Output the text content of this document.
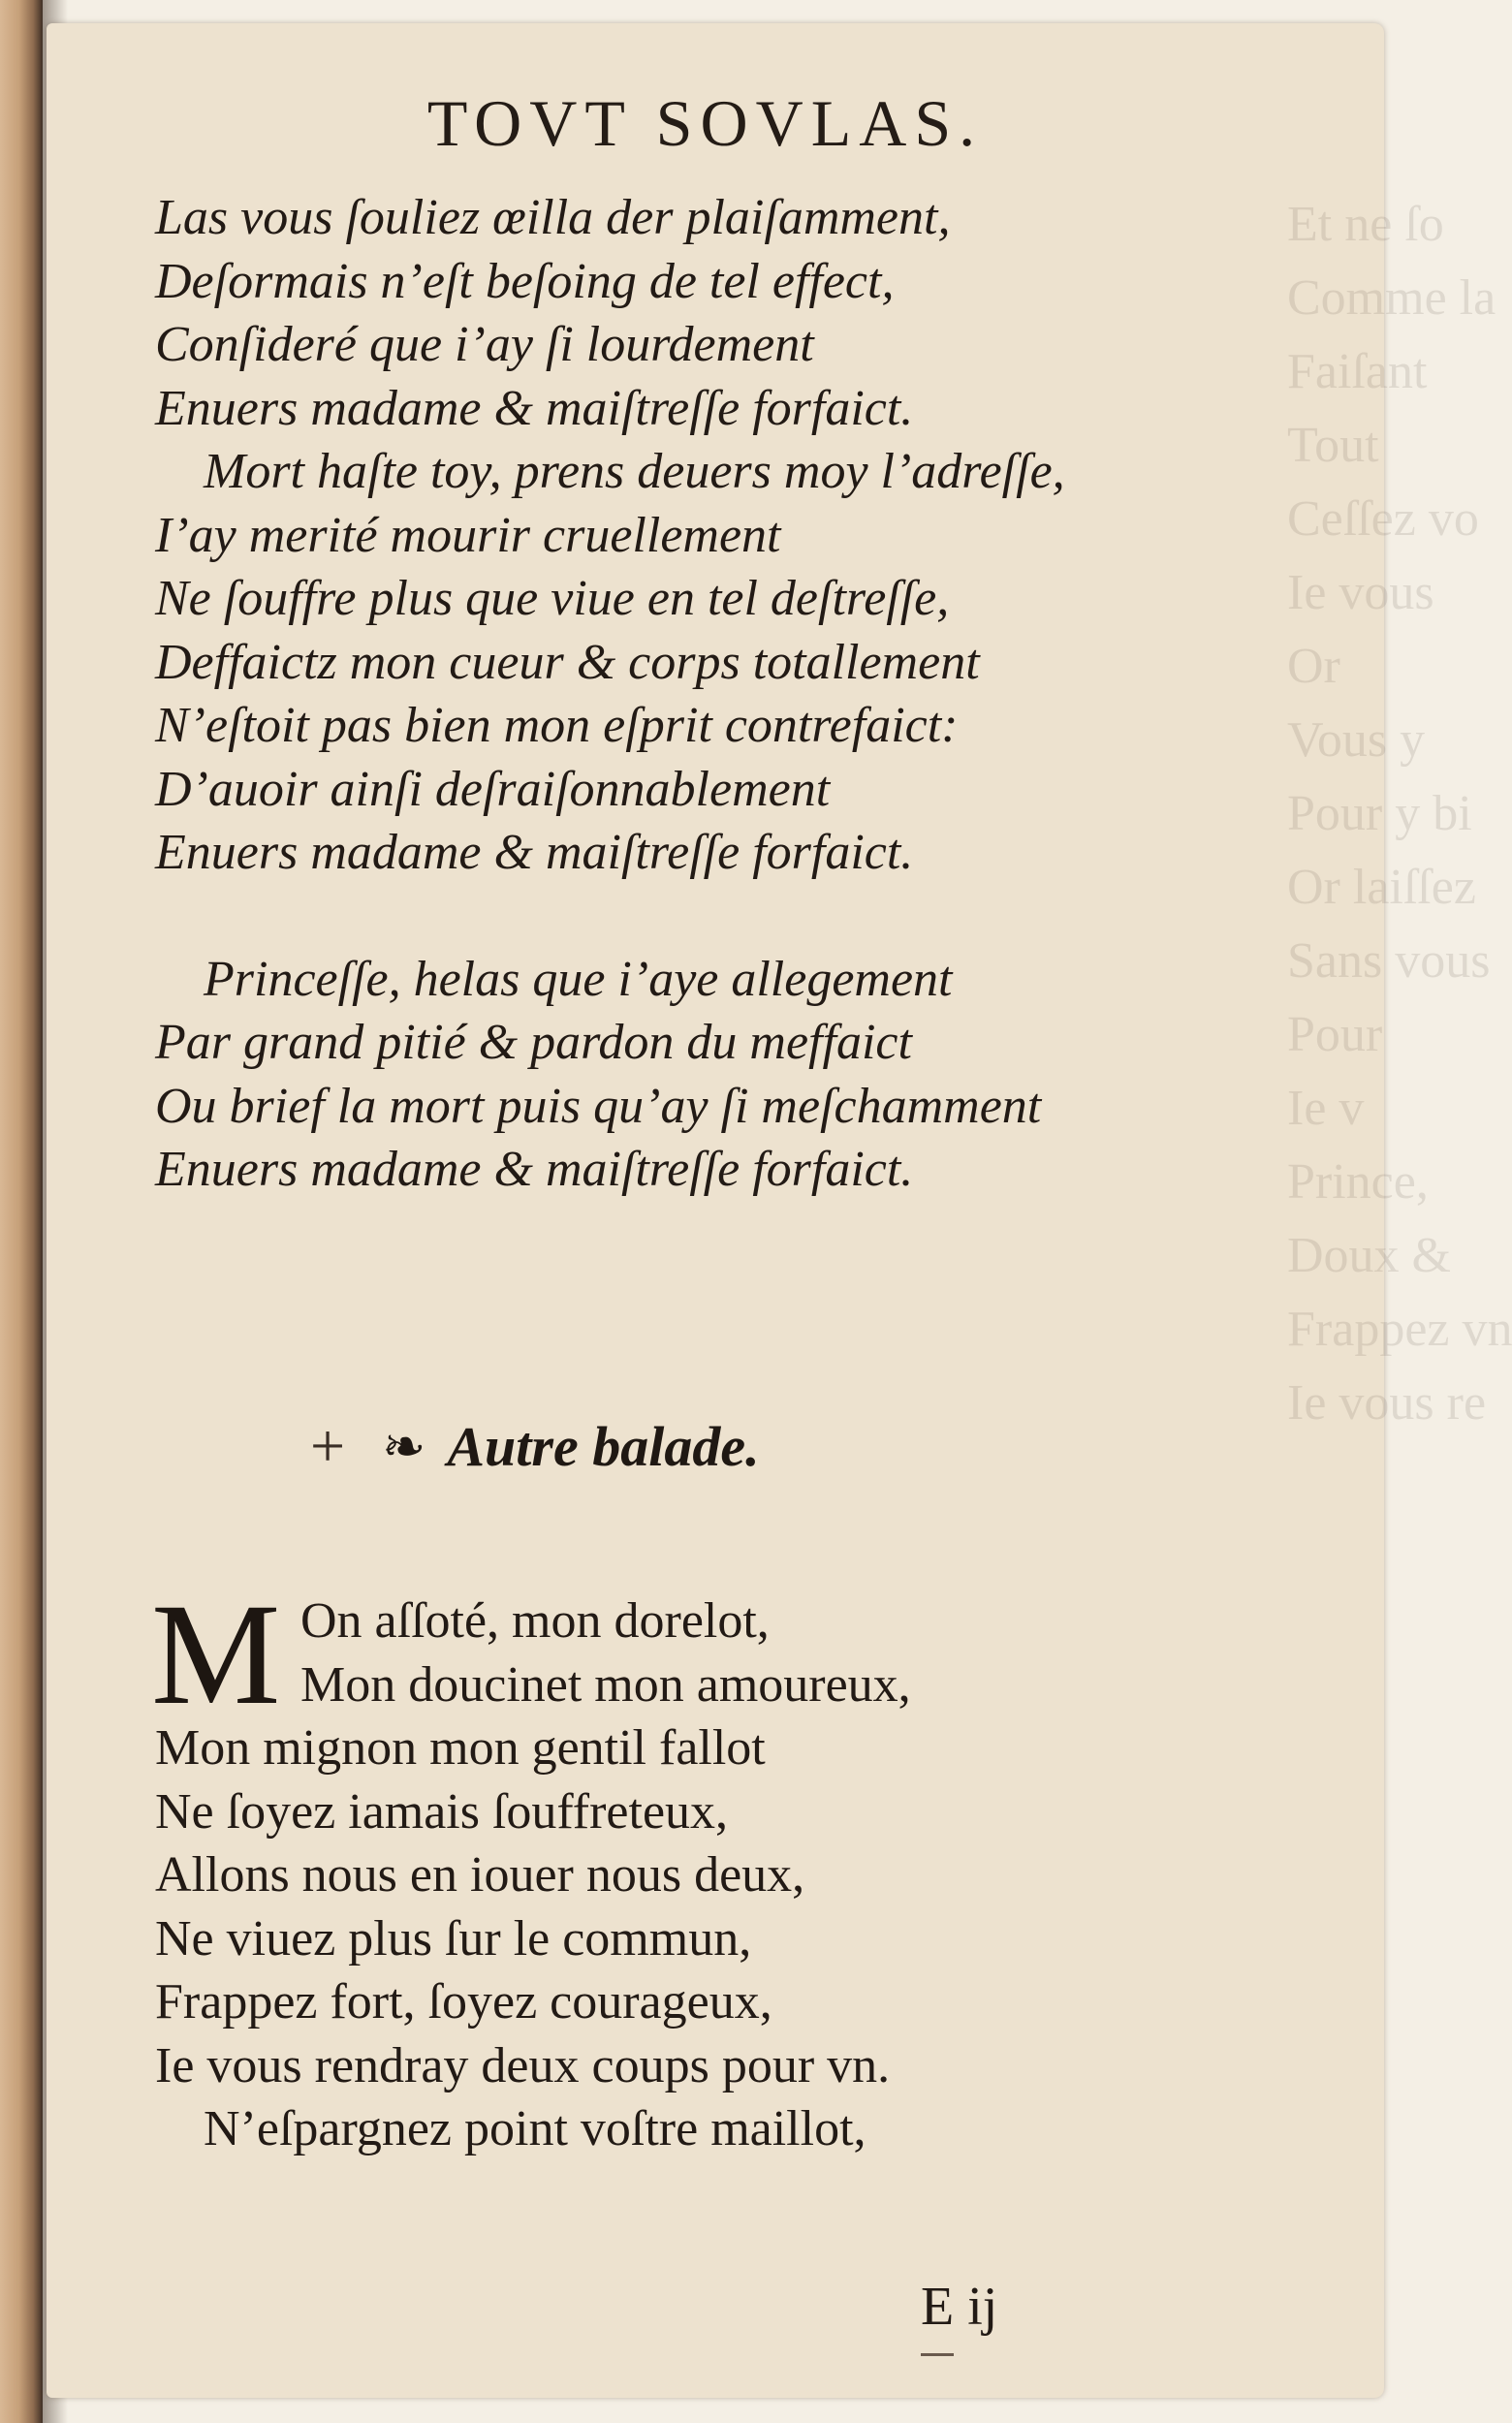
Et ne ſo
Comme la
Faiſant
Tout
Ceſſez vo
Ie vous
Or
Vous y
Pour y bi
Or laiſſez
Sans vous
Pour
Ie v
Prince,
Doux &
Frappez vn
Ie vous re
TOVT SOVLAS.
Las vous ſouliez œilla der plaiſamment,
Deſormais n’eſt beſoing de tel effect,
Conſideré que i’ay ſi lourdement
Enuers madame & maiſtreſſe forfaict.
Mort haſte toy, prens deuers moy l’adreſſe,
I’ay merité mourir cruellement
Ne ſouffre plus que viue en tel deſtreſſe,
Deffaictz mon cueur & corps totallement
N’eſtoit pas bien mon eſprit contrefaict:
D’auoir ainſi deſraiſonnablement
Enuers madame & maiſtreſſe forfaict.
Princeſſe, helas que i’aye allegement
Par grand pitié & pardon du meffaict
Ou brief la mort puis qu’ay ſi meſchamment
Enuers madame & maiſtreſſe forfaict.
+ ❧ Autre balade.
M On aſſoté, mon dorelot,
Mon doucinet mon amoureux,
Mon mignon mon gentil fallot
Ne ſoyez iamais ſouffreteux,
Allons nous en iouer nous deux,
Ne viuez plus ſur le commun,
Frappez fort, ſoyez courageux,
Ie vous rendray deux coups pour vn.
N’eſpargnez point voſtre maillot,
E ij
